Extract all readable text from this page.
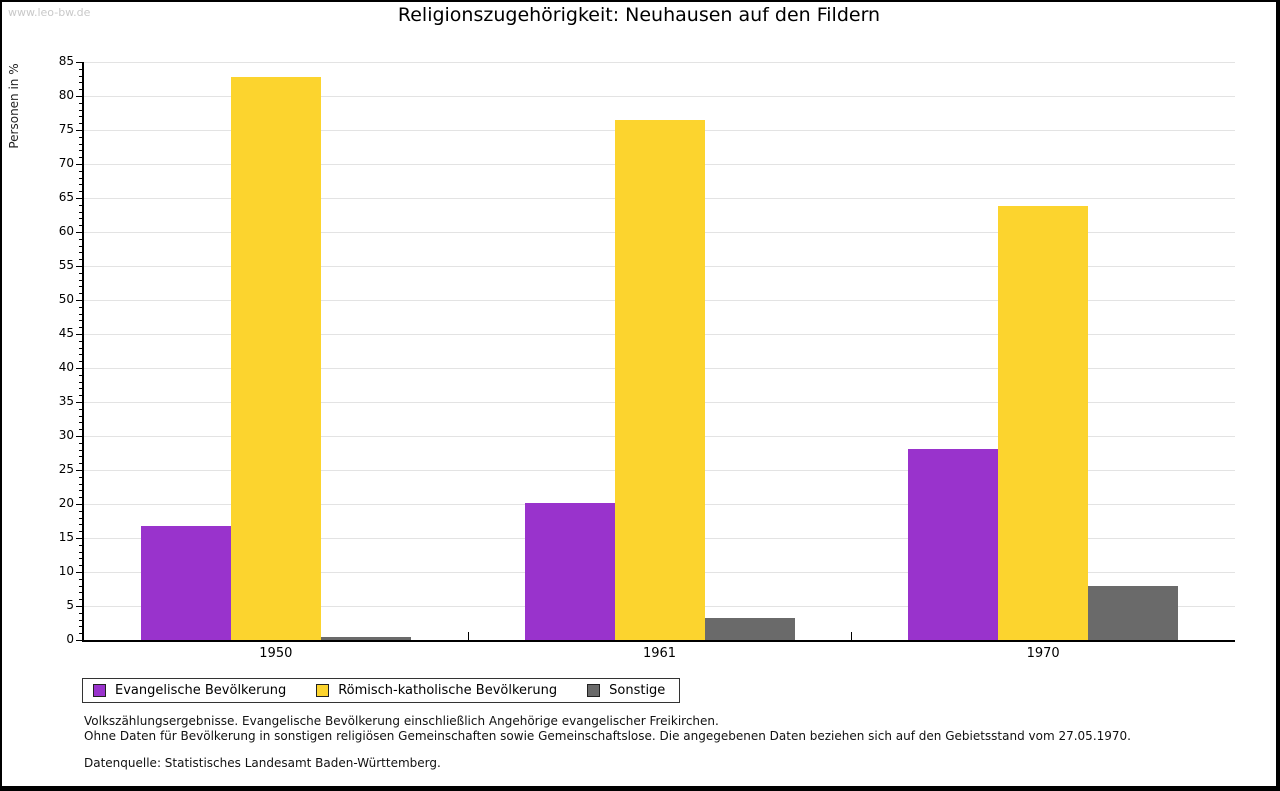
www.leo-bw.de	Religionszugehörigkeit: Neuhausen auf den Fildern
Personen in %
0
5
10
15
20
25
30
35
40
45
50
55
60
65
70
75
80
85
1950	1961	1970
Evangelische Bevölkerung	Römisch-katholische Bevölkerung	Sonstige
Volkszählungsergebnisse. Evangelische Bevölkerung einschließlich Angehörige evangelischer Freikirchen.
Ohne Daten für Bevölkerung in sonstigen religiösen Gemeinschaften sowie Gemeinschaftslose. Die angegebenen Daten beziehen sich auf den Gebietsstand vom 27.05.1970.
Datenquelle: Statistisches Landesamt Baden-Württemberg.
